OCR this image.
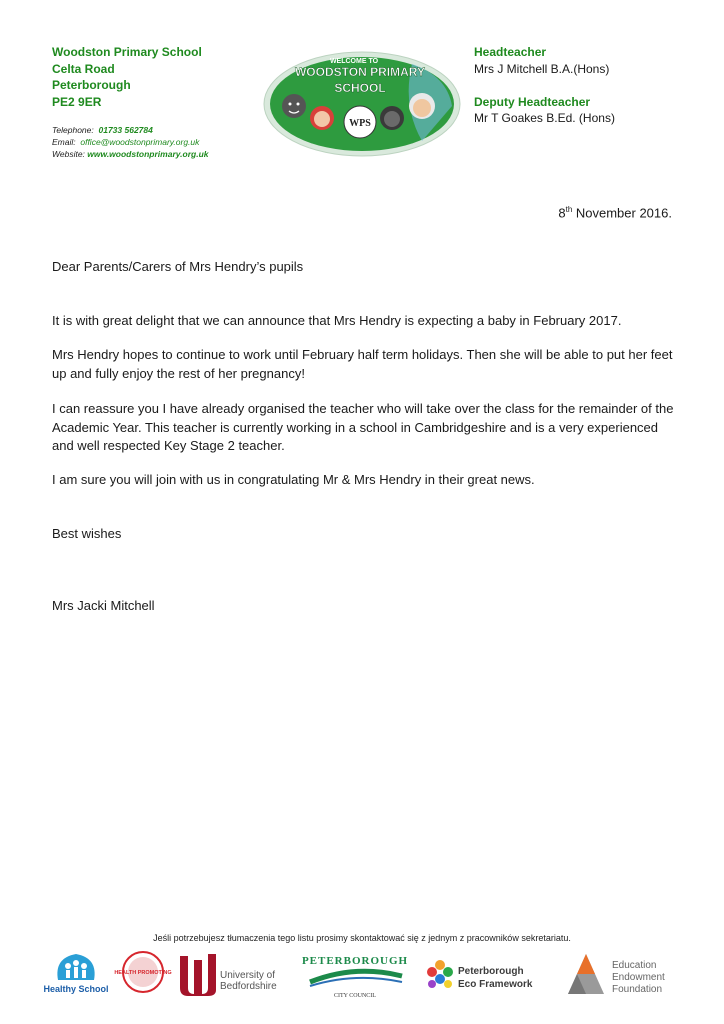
Woodston Primary School
Celta Road
Peterborough
PE2 9ER
Telephone: 01733 562784
Email: office@woodstonprimary.org.uk
Website: www.woodstonprimary.org.uk
WELCOME TO
WOODSTON PRIMARY
SCHOOL
WPS
Headteacher
Mrs J Mitchell B.A.(Hons)
Deputy Headteacher
Mr T Goakes B.Ed. (Hons)
8th November 2016.

Dear Parents/Carers of Mrs Hendry’s pupils

It is with great delight that we can announce that Mrs Hendry is expecting a baby in February 2017.

Mrs Hendry hopes to continue to work until February half term holidays. Then she will be able to put her feet up and fully enjoy the rest of her pregnancy!

I can reassure you I have already organised the teacher who will take over the class for the remainder of the Academic Year. This teacher is currently working in a school in Cambridgeshire and is a very experienced and well respected Key Stage 2 teacher.

I am sure you will join with us in congratulating Mr & Mrs Hendry in their great news.

Best wishes

Mrs Jacki Mitchell

Jeśli potrzebujesz tłumaczenia tego listu prosimy skontaktować się z jednym z pracowników sekretariatu.
Healthy School
HEALTH PROMOTING	University of
Bedfordshire
PETERBOROUGH
CITY COUNCIL
Peterborough
Eco Framework
Education
Endowment
Foundation
